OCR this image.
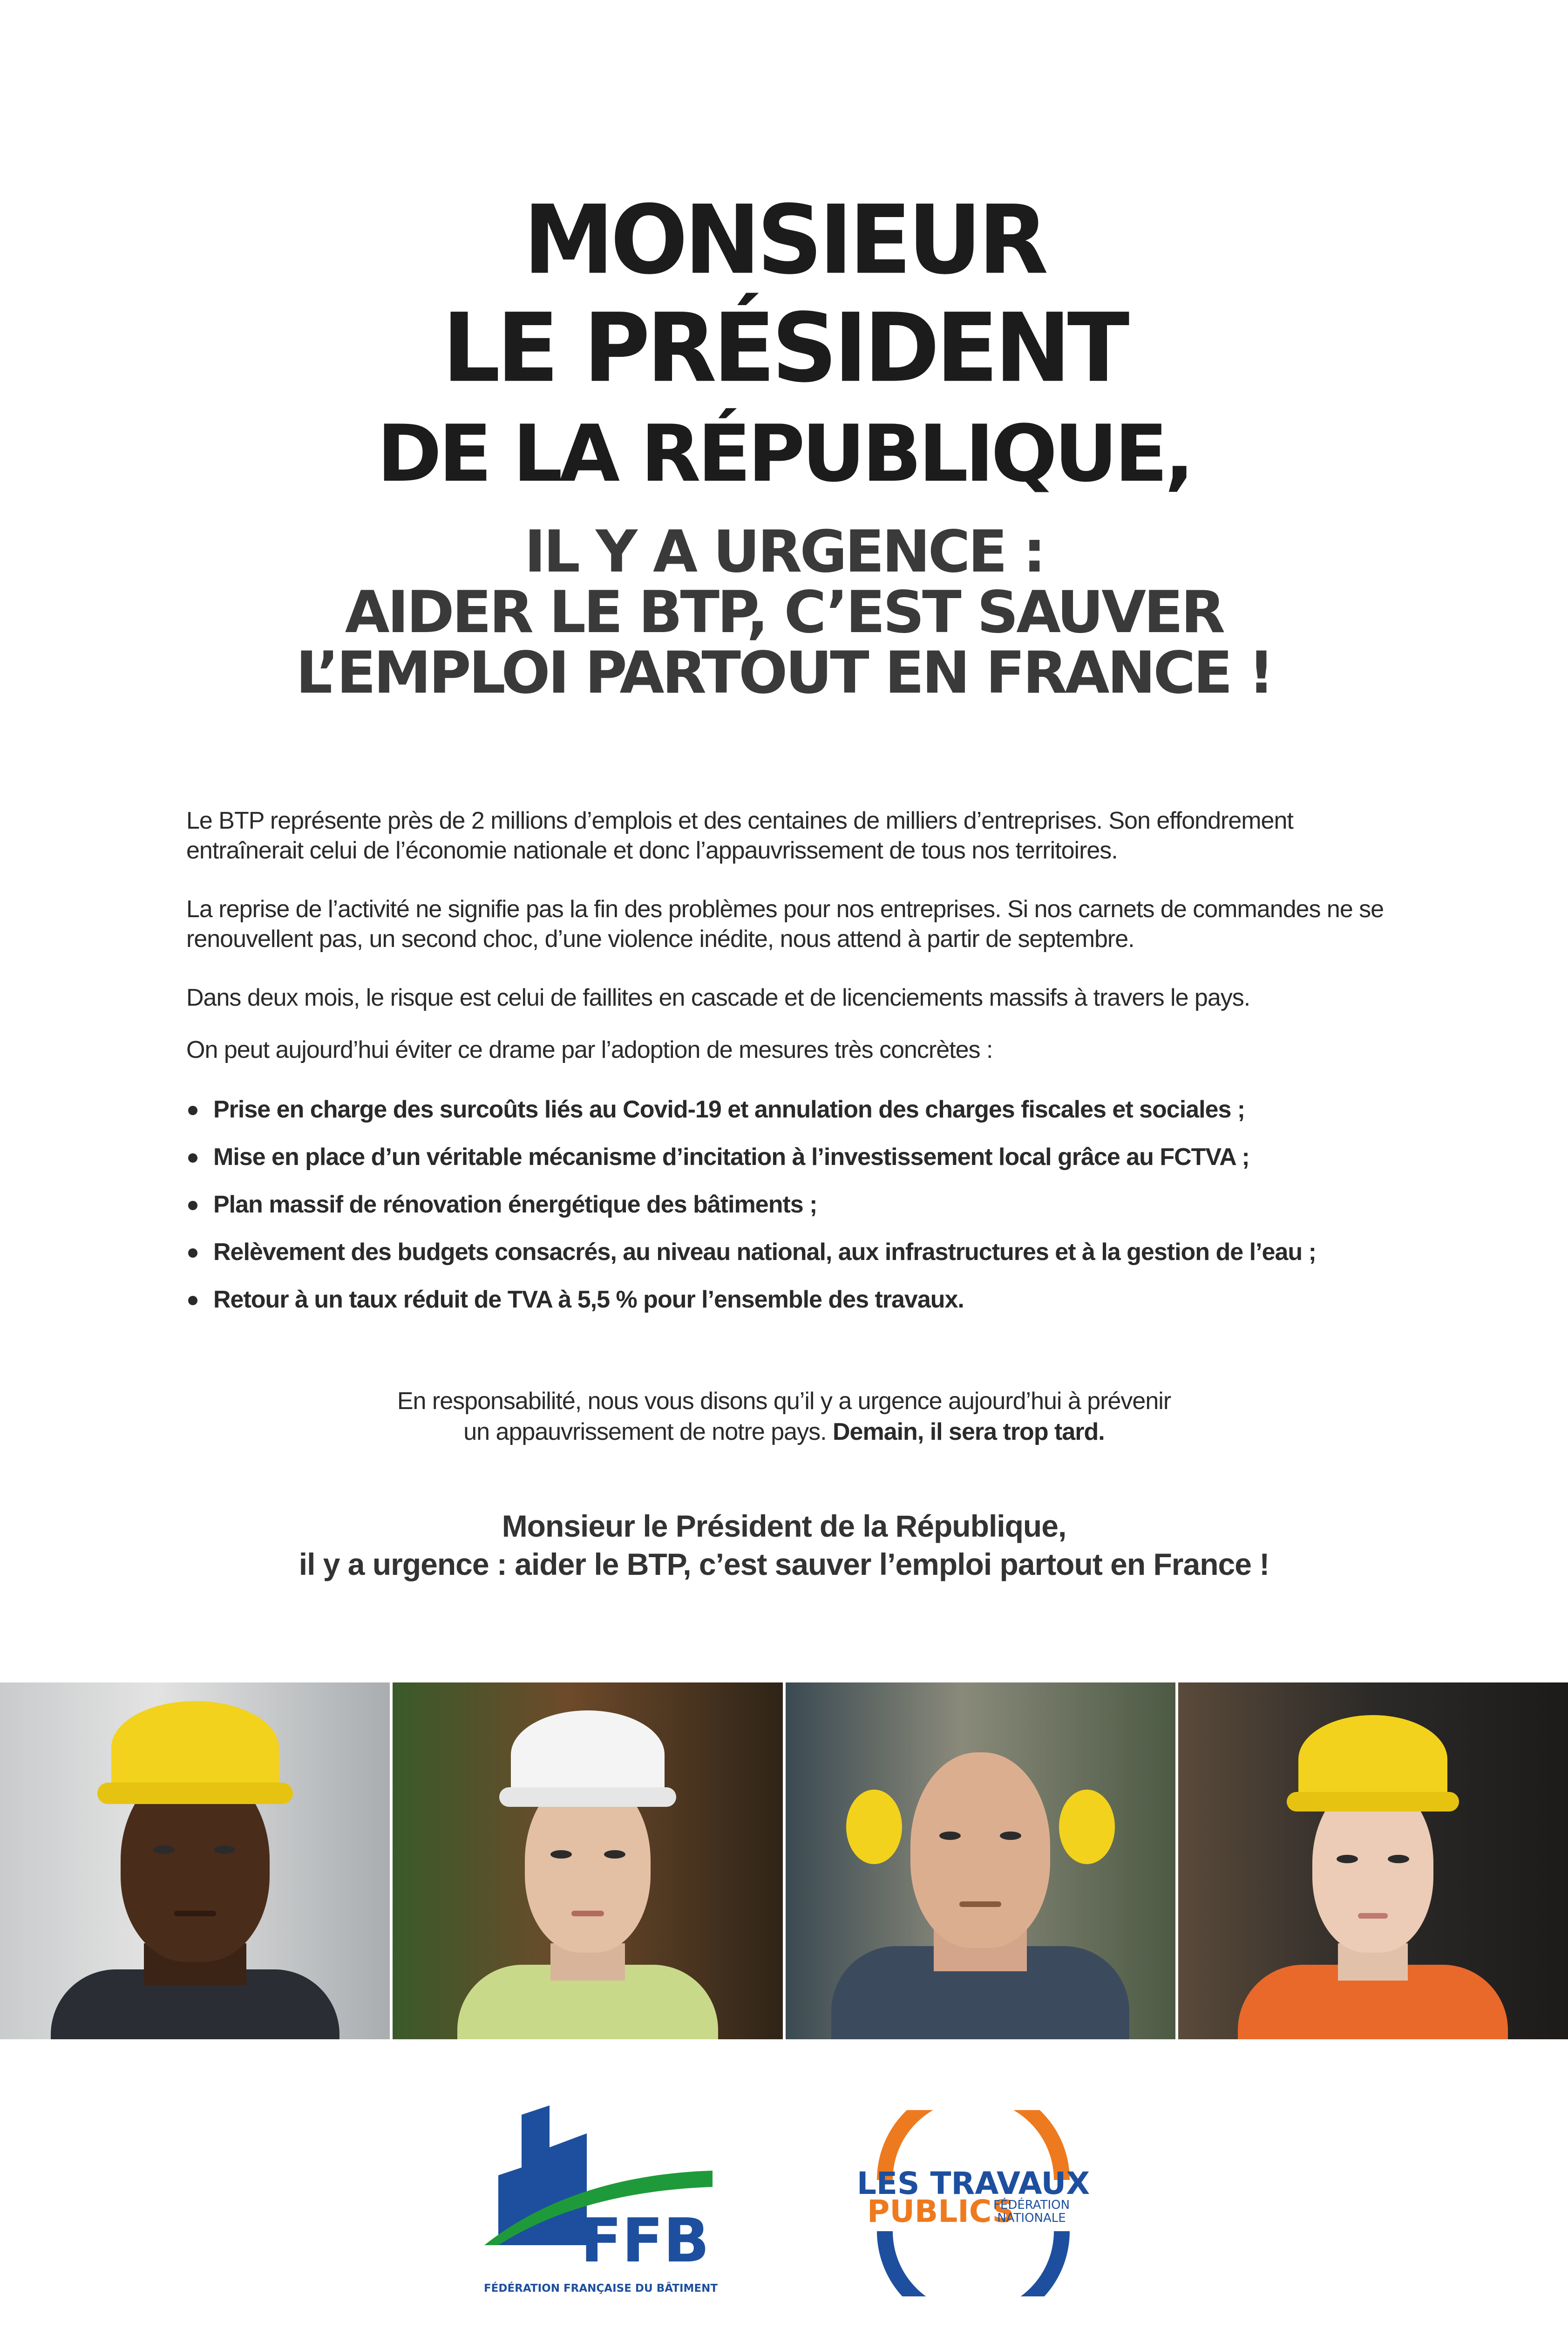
MONSIEUR
LE PRÉSIDENT
DE LA RÉPUBLIQUE,
IL Y A URGENCE :
AIDER LE BTP, C’EST SAUVER
L’EMPLOI PARTOUT EN FRANCE !

Le BTP représente près de 2 millions d’emplois et des centaines de milliers d’entreprises. Son effondrement entraînerait celui de l’économie nationale et donc l’appauvrissement de tous nos territoires.

La reprise de l’activité ne signifie pas la fin des problèmes pour nos entreprises. Si nos carnets de commandes ne se renouvellent pas, un second choc, d’une violence inédite, nous attend à partir de septembre.

Dans deux mois, le risque est celui de faillites en cascade et de licenciements massifs à travers le pays.

On peut aujourd’hui éviter ce drame par l’adoption de mesures très concrètes :

Prise en charge des surcoûts liés au Covid-19 et annulation des charges fiscales et sociales ;
Mise en place d’un véritable mécanisme d’incitation à l’investissement local grâce au FCTVA ;
Plan massif de rénovation énergétique des bâtiments ;
Relèvement des budgets consacrés, au niveau national, aux infrastructures et à la gestion de l’eau ;
Retour à un taux réduit de TVA à 5,5 % pour l’ensemble des travaux.
En responsabilité, nous vous disons qu’il y a urgence aujourd’hui à prévenir
un appauvrissement de notre pays. Demain, il sera trop tard.
Monsieur le Président de la République,
il y a urgence : aider le BTP, c’est sauver l’emploi partout en France !
FFB
FÉDÉRATION FRANÇAISE DU BÂTIMENT
LES TRAVAUX
PUBLICS
FÉDÉRATION
NATIONALE
